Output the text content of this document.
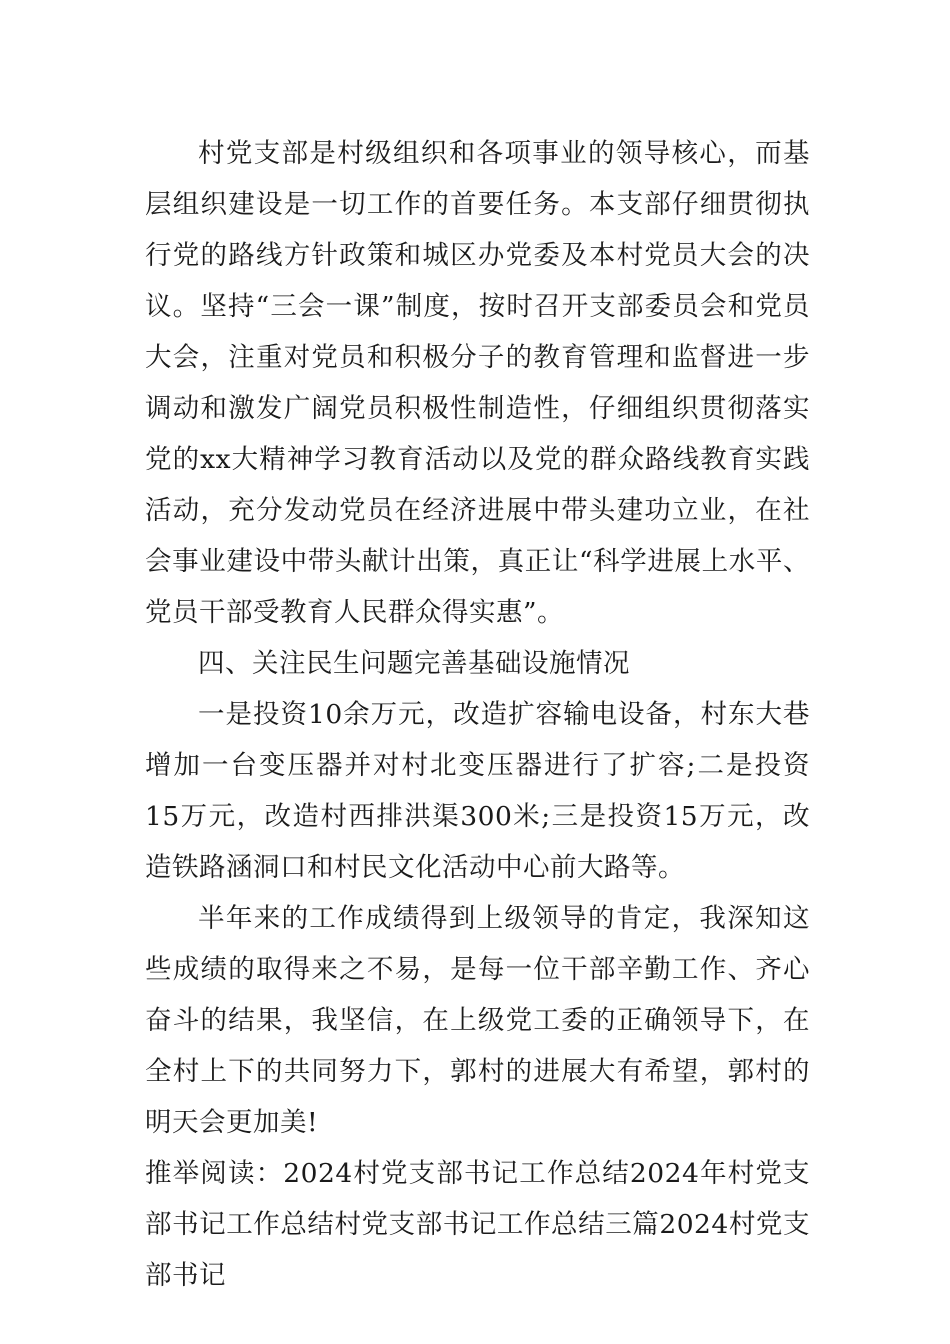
村党支部是村级组织和各项事业的领导核心，而基层组织建设是一切工作的首要任务。本支部仔细贯彻执行党的路线方针政策和城区办党委及本村党员大会的决议。坚持“三会一课”制度，按时召开支部委员会和党员大会，注重对党员和积极分子的教育管理和监督进一步调动和激发广阔党员积极性制造性，仔细组织贯彻落实党的xx大精神学习教育活动以及党的群众路线教育实践活动，充分发动党员在经济进展中带头建功立业，在社会事业建设中带头献计出策，真正让“科学进展上水平、党员干部受教育人民群众得实惠”。

四、关注民生问题完善基础设施情况

一是投资10余万元，改造扩容输电设备，村东大巷增加一台变压器并对村北变压器进行了扩容;二是投资15万元，改造村西排洪渠300米;三是投资15万元，改造铁路涵洞口和村民文化活动中心前大路等。

半年来的工作成绩得到上级领导的肯定，我深知这些成绩的取得来之不易，是每一位干部辛勤工作、齐心奋斗的结果，我坚信，在上级党工委的正确领导下，在全村上下的共同努力下，郭村的进展大有希望，郭村的明天会更加美!

推举阅读：2024村党支部书记工作总结2024年村党支部书记工作总结村党支部书记工作总结三篇2024村党支部书记
